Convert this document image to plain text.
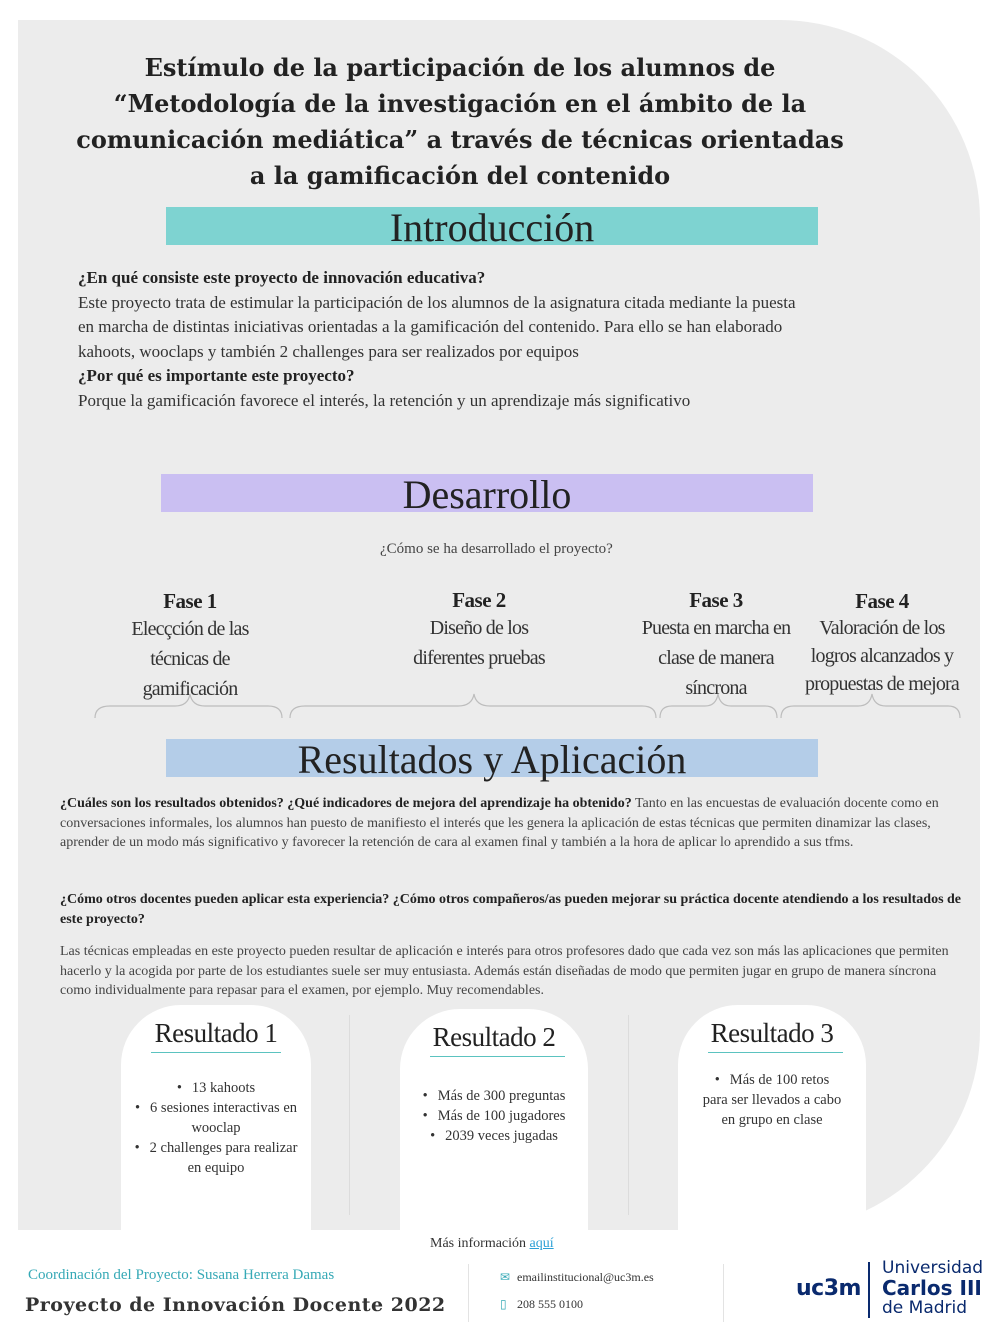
Estímulo de la participación de los alumnos de
“Metodología de la investigación en el ámbito de la
comunicación mediática” a través de técnicas orientadas
a la gamificación del contenido
Introducción
¿En qué consiste este proyecto de innovación educativa?
Este proyecto trata de estimular la participación de los alumnos de la asignatura citada mediante la puesta en marcha de distintas iniciativas orientadas a la gamificación del contenido. Para ello se han elaborado kahoots, wooclaps y también 2 challenges para ser realizados por equipos
¿Por qué es importante este proyecto?
Porque la gamificación favorece el interés, la retención y un aprendizaje más significativo
Desarrollo
¿Cómo se ha desarrollado el proyecto?
Fase 1
Elecçción de las técnicas de gamificación
Fase 2
Diseño de los diferentes pruebas
Fase 3
Puesta en marcha en clase de manera síncrona
Fase 4
Valoración de los logros alcanzados y propuestas de mejora
Resultados y Aplicación
¿Cuáles son los resultados obtenidos? ¿Qué indicadores de mejora del aprendizaje ha obtenido? Tanto en las encuestas de evaluación docente como en conversaciones informales, los alumnos han puesto de manifiesto el interés que les genera la aplicación de estas técnicas que permiten dinamizar las clases, aprender de un modo más significativo y favorecer la retención de cara al examen final y también a la hora de aplicar lo aprendido a sus tfms.
¿Cómo otros docentes pueden aplicar esta experiencia? ¿Cómo otros compañeros/as pueden mejorar su práctica docente atendiendo a los resultados de este proyecto?
Las técnicas empleadas en este proyecto pueden resultar de aplicación e interés para otros profesores dado que cada vez son más las aplicaciones que permiten hacerlo y la acogida por parte de los estudiantes suele ser muy entusiasta. Además están diseñadas de modo que permiten jugar en grupo de manera síncrona como individualmente para repasar para el examen, por ejemplo. Muy recomendables.
Resultado 1
• 13 kahoots
• 6 sesiones interactivas en wooclap
• 2 challenges para realizar en equipo
Resultado 2
• Más de 300 preguntas
• Más de 100 jugadores
• 2039 veces jugadas
Resultado 3
• Más de 100 retos para ser llevados a cabo en grupo en clase
Más información aquí
Coordinación del Proyecto: Susana Herrera Damas
Proyecto de Innovación Docente 2022
✉ emailinstitucional@uc3m.es
▯ 208 555 0100
uc3m
Universidad
Carlos III
de Madrid
